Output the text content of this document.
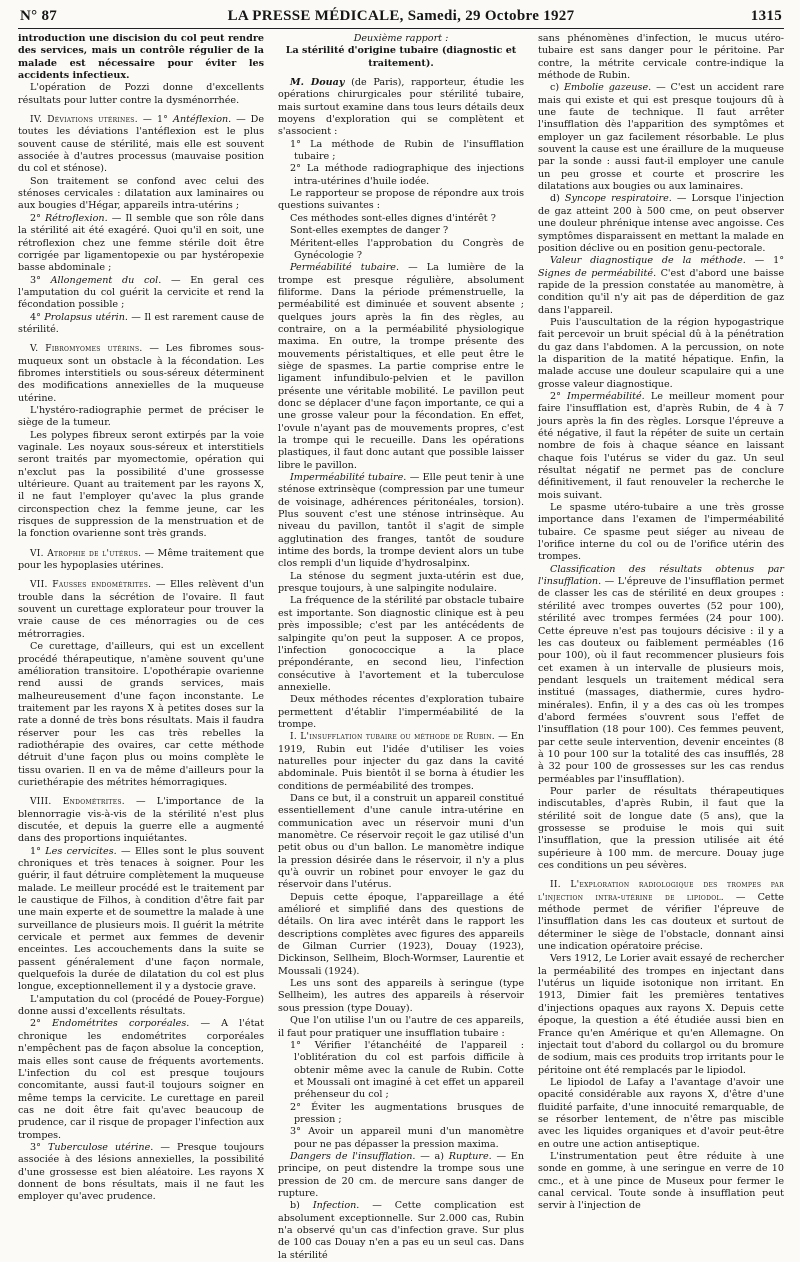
N° 87	LA PRESSE MÉDICALE, Samedi, 29 Octobre 1927	1315

introduction une discision du col peut rendre des services, mais un contrôle régulier de la malade est nécessaire pour éviter les accidents infectieux.

L'opération de Pozzi donne d'excellents résultats pour lutter contre la dysménorrhée.

IV. Déviations utérines. — 1° Antéflexion. — De toutes les déviations l'antéflexion est le plus souvent cause de stérilité, mais elle est souvent associée à d'autres processus (mauvaise position du col et sténose).

Son traitement se confond avec celui des sténoses cervicales : dilatation aux laminaires ou aux bougies d'Hégar, appareils intra-utérins ;

2° Rétroflexion. — Il semble que son rôle dans la stérilité ait été exagéré. Quoi qu'il en soit, une rétroflexion chez une femme stérile doit être corrigée par ligamentopexie ou par hystéropexie basse abdominale ;

3° Allongement du col. — En geral ces l'amputation du col guérit la cervicite et rend la fécondation possible ;

4° Prolapsus utérin. — Il est rarement cause de stérilité.

V. Fibromyomes utérins. — Les fibromes sous-muqueux sont un obstacle à la fécondation. Les fibromes interstitiels ou sous-séreux déterminent des modifications annexielles de la muqueuse utérine.

L'hystéro-radiographie permet de préciser le siège de la tumeur.

Les polypes fibreux seront extirpés par la voie vaginale. Les noyaux sous-séreux et interstitiels seront traités par myomectomie, opération qui n'exclut pas la possibilité d'une grossesse ultérieure. Quant au traitement par les rayons X, il ne faut l'employer qu'avec la plus grande circonspection chez la femme jeune, car les risques de suppression de la menstruation et de la fonction ovarienne sont très grands.

VI. Atrophie de l'utérus. — Même traitement que pour les hypoplasies utérines.

VII. Fausses endométrites. — Elles relèvent d'un trouble dans la sécrétion de l'ovaire. Il faut souvent un curettage explorateur pour trouver la vraie cause de ces ménorragies ou de ces métrorragies.

Ce curettage, d'ailleurs, qui est un excellent procédé thérapeutique, n'amène souvent qu'une amélioration transitoire. L'opothérapie ovarienne rend aussi de grands services, mais malheureusement d'une façon inconstante. Le traitement par les rayons X à petites doses sur la rate a donné de très bons résultats. Mais il faudra réserver pour les cas très rebelles la radiothérapie des ovaires, car cette méthode détruit d'une façon plus ou moins complète le tissu ovarien. Il en va de même d'ailleurs pour la curiethérapie des métrites hémorragiques.

VIII. Endométrites. — L'importance de la blennorragie vis-à-vis de la stérilité n'est plus discutée, et depuis la guerre elle a augmenté dans des proportions inquiétantes.

1° Les cervicites. — Elles sont le plus souvent chroniques et très tenaces à soigner. Pour les guérir, il faut détruire complètement la muqueuse malade. Le meilleur procédé est le traitement par le caustique de Filhos, à condition d'être fait par une main experte et de soumettre la malade à une surveillance de plusieurs mois. Il guérit la métrite cervicale et permet aux femmes de devenir enceintes. Les accouchements dans la suite se passent généralement d'une façon normale, quelquefois la durée de dilatation du col est plus longue, exceptionnellement il y a dystocie grave.

L'amputation du col (procédé de Pouey-Forgue) donne aussi d'excellents résultats.

2° Endométrites corporéales. — A l'état chronique les endométrites corporéales n'empêchent pas de façon absolue la conception, mais elles sont cause de fréquents avortements. L'infection du col est presque toujours concomitante, aussi faut-il toujours soigner en même temps la cervicite. Le curettage en pareil cas ne doit être fait qu'avec beaucoup de prudence, car il risque de propager l'infection aux trompes.

3° Tuberculose utérine. — Presque toujours associée à des lésions annexielles, la possibilité d'une grossesse est bien aléatoire. Les rayons X donnent de bons résultats, mais il ne faut les employer qu'avec prudence.

Deuxième rapport :

La stérilité d'origine tubaire (diagnostic et traitement).

M. Douay (de Paris), rapporteur, étudie les opérations chirurgicales pour stérilité tubaire, mais surtout examine dans tous leurs détails deux moyens d'exploration qui se complètent et s'associent :

1° La méthode de Rubin de l'insufflation tubaire ;

2° La méthode radiographique des injections intra-utérines d'huile iodée.

Le rapporteur se propose de répondre aux trois questions suivantes :

Ces méthodes sont-elles dignes d'intérêt ?

Sont-elles exemptes de danger ?

Méritent-elles l'approbation du Congrès de Gynécologie ?

Perméabilité tubaire. — La lumière de la trompe est presque régulière, absolument filiforme. Dans la période prémenstruelle, la perméabilité est diminuée et souvent absente ; quelques jours après la fin des règles, au contraire, on a la perméabilité physiologique maxima. En outre, la trompe présente des mouvements péristaltiques, et elle peut être le siège de spasmes. La partie comprise entre le ligament infundibulo-pelvien et le pavillon présente une véritable mobilité. Le pavillon peut donc se déplacer d'une façon importante, ce qui a une grosse valeur pour la fécondation. En effet, l'ovule n'ayant pas de mouvements propres, c'est la trompe qui le recueille. Dans les opérations plastiques, il faut donc autant que possible laisser libre le pavillon.

Imperméabilité tubaire. — Elle peut tenir à une sténose extrinsèque (compression par une tumeur de voisinage, adhérences péritonéales, torsion). Plus souvent c'est une sténose intrinsèque. Au niveau du pavillon, tantôt il s'agit de simple agglutination des franges, tantôt de soudure intime des bords, la trompe devient alors un tube clos rempli d'un liquide d'hydrosalpinx.

La sténose du segment juxta-utérin est due, presque toujours, à une salpingite nodulaire.

La fréquence de la stérilité par obstacle tubaire est importante. Son diagnostic clinique est à peu près impossible; c'est par les antécédents de salpingite qu'on peut la supposer. A ce propos, l'infection gonococcique a la place prépondérante, en second lieu, l'infection consécutive à l'avortement et la tuberculose annexielle.

Deux méthodes récentes d'exploration tubaire permettent d'établir l'imperméabilité de la trompe.

I. L'insufflation tubaire ou méthode de Rubin. — En 1919, Rubin eut l'idée d'utiliser les voies naturelles pour injecter du gaz dans la cavité abdominale. Puis bientôt il se borna à étudier les conditions de perméabilité des trompes.

Dans ce but, il a construit un appareil constitué essentiellement d'une canule intra-utérine en communication avec un réservoir muni d'un manomètre. Ce réservoir reçoit le gaz utilisé d'un petit obus ou d'un ballon. Le manomètre indique la pression désirée dans le réservoir, il n'y a plus qu'à ouvrir un robinet pour envoyer le gaz du réservoir dans l'utérus.

Depuis cette époque, l'appareillage a été amélioré et simplifié dans des questions de détails. On lira avec intérêt dans le rapport les descriptions complètes avec figures des appareils de Gilman Currier (1923), Douay (1923), Dickinson, Sellheim, Bloch-Wormser, Laurentie et Moussali (1924).

Les uns sont des appareils à seringue (type Sellheim), les autres des appareils à réservoir sous pression (type Douay).

Que l'on utilise l'un ou l'autre de ces appareils, il faut pour pratiquer une insufflation tubaire :

1° Vérifier l'étanchéité de l'appareil : l'oblitération du col est parfois difficile à obtenir même avec la canule de Rubin. Cotte et Moussali ont imaginé à cet effet un appareil préhenseur du col ;

2° Éviter les augmentations brusques de pression ;

3° Avoir un appareil muni d'un manomètre pour ne pas dépasser la pression maxima.

Dangers de l'insufflation. — a) Rupture. — En principe, on peut distendre la trompe sous une pression de 20 cm. de mercure sans danger de rupture.

b) Infection. — Cette complication est absolument exceptionnelle. Sur 2.000 cas, Rubin n'a observé qu'un cas d'infection grave. Sur plus de 100 cas Douay n'en a pas eu un seul cas. Dans la stérilité

sans phénomènes d'infection, le mucus utéro-tubaire est sans danger pour le péritoine. Par contre, la métrite cervicale contre-indique la méthode de Rubin.

c) Embolie gazeuse. — C'est un accident rare mais qui existe et qui est presque toujours dû à une faute de technique. Il faut arrêter l'insufflation dès l'apparition des symptômes et employer un gaz facilement résorbable. Le plus souvent la cause est une éraillure de la muqueuse par la sonde : aussi faut-il employer une canule un peu grosse et courte et proscrire les dilatations aux bougies ou aux laminaires.

d) Syncope respiratoire. — Lorsque l'injection de gaz atteint 200 à 500 cme, on peut observer une douleur phrénique intense avec angoisse. Ces symptômes disparaissent en mettant la malade en position déclive ou en position genu-pectorale.

Valeur diagnostique de la méthode. — 1° Signes de perméabilité. C'est d'abord une baisse rapide de la pression constatée au manomètre, à condition qu'il n'y ait pas de déperdition de gaz dans l'appareil.

Puis l'auscultation de la région hypogastrique fait percevoir un bruit spécial dû à la pénétration du gaz dans l'abdomen. A la percussion, on note la disparition de la matité hépatique. Enfin, la malade accuse une douleur scapulaire qui a une grosse valeur diagnostique.

2° Imperméabilité. Le meilleur moment pour faire l'insufflation est, d'après Rubin, de 4 à 7 jours après la fin des règles. Lorsque l'épreuve a été négative, il faut la répéter de suite un certain nombre de fois à chaque séance en laissant chaque fois l'utérus se vider du gaz. Un seul résultat négatif ne permet pas de conclure définitivement, il faut renouveler la recherche le mois suivant.

Le spasme utéro-tubaire a une très grosse importance dans l'examen de l'imperméabilité tubaire. Ce spasme peut siéger au niveau de l'orifice interne du col ou de l'orifice utérin des trompes.

Classification des résultats obtenus par l'insufflation. — L'épreuve de l'insufflation permet de classer les cas de stérilité en deux groupes : stérilité avec trompes ouvertes (52 pour 100), stérilité avec trompes fermées (24 pour 100). Cette épreuve n'est pas toujours décisive : il y a les cas douteux ou faiblement perméables (16 pour 100), où il faut recommencer plusieurs fois cet examen à un intervalle de plusieurs mois, pendant lesquels un traitement médical sera institué (massages, diathermie, cures hydro-minérales). Enfin, il y a des cas où les trompes d'abord fermées s'ouvrent sous l'effet de l'insufflation (18 pour 100). Ces femmes peuvent, par cette seule intervention, devenir enceintes (8 à 10 pour 100 sur la totalité des cas insufflés, 28 à 32 pour 100 de grossesses sur les cas rendus perméables par l'insufflation).

Pour parler de résultats thérapeutiques indiscutables, d'après Rubin, il faut que la stérilité soit de longue date (5 ans), que la grossesse se produise le mois qui suit l'insufflation, que la pression utilisée ait été supérieure à 100 mm. de mercure. Douay juge ces conditions un peu sévères.

II. L'exploration radiologique des trompes par l'injection intra-utérine de lipiodol. — Cette méthode permet de vérifier l'épreuve de l'insufflation dans les cas douteux et surtout de déterminer le siège de l'obstacle, donnant ainsi une indication opératoire précise.

Vers 1912, Le Lorier avait essayé de rechercher la perméabilité des trompes en injectant dans l'utérus un liquide isotonique non irritant. En 1913, Dimier fait les premières tentatives d'injections opaques aux rayons X. Depuis cette époque, la question a été étudiée aussi bien en France qu'en Amérique et qu'en Allemagne. On injectait tout d'abord du collargol ou du bromure de sodium, mais ces produits trop irritants pour le péritoine ont été remplacés par le lipiodol.

Le lipiodol de Lafay a l'avantage d'avoir une opacité considérable aux rayons X, d'être d'une fluidité parfaite, d'une innocuité remarquable, de se résorber lentement, de n'être pas miscible avec les liquides organiques et d'avoir peut-être en outre une action antiseptique.

L'instrumentation peut être réduite à une sonde en gomme, à une seringue en verre de 10 cmc., et à une pince de Museux pour fermer le canal cervical. Toute sonde à insufflation peut servir à l'injection de
